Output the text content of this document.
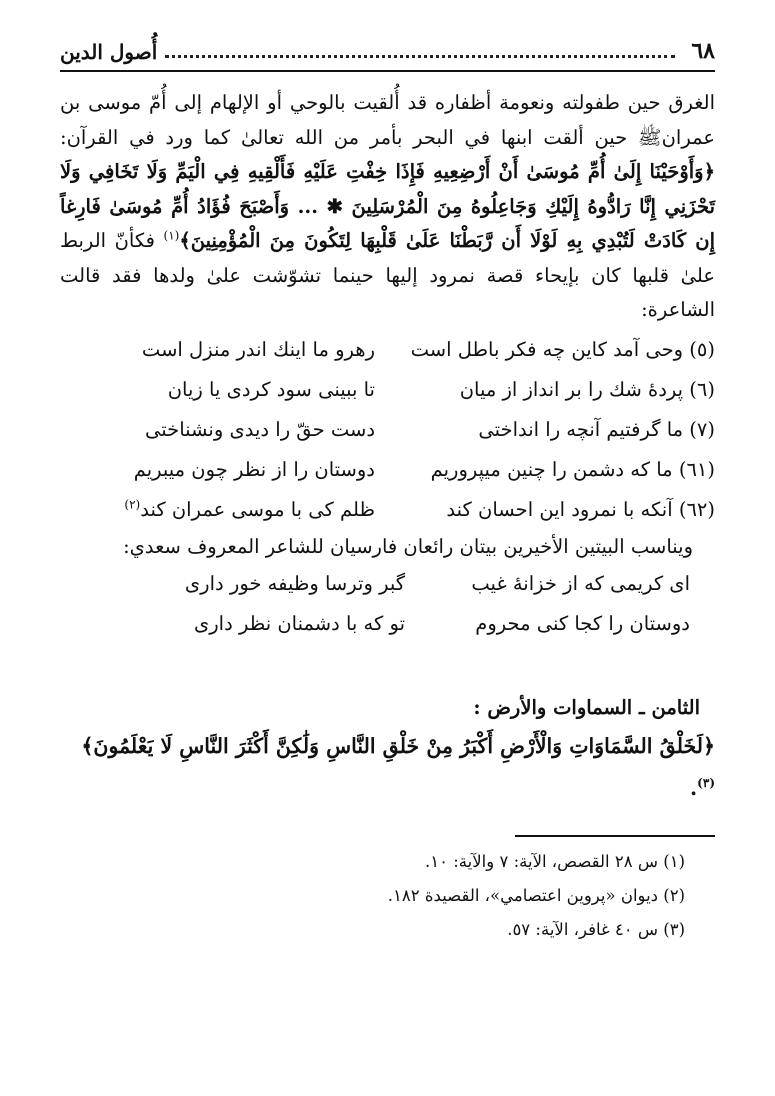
٦٨
أُصول الدين
الغرق حين طفولته ونعومة أظفاره قد أُلقيت بالوحي أو الإلهام إلى أُمّ موسى بن عمرانﷺ حين ألقت ابنها في البحر بأمر من الله تعالىٰ كما ورد في القرآن: ﴿وَأَوْحَيْنَا إِلَىٰ أُمِّ مُوسَىٰ أَنْ أَرْضِعِيهِ فَإِذَا خِفْتِ عَلَيْهِ فَأَلْقِيهِ فِي الْيَمِّ وَلَا تَخَافِي وَلَا تَحْزَنِي إِنَّا رَادُّوهُ إِلَيْكِ وَجَاعِلُوهُ مِنَ الْمُرْسَلِينَ ✱ ... وَأَصْبَحَ فُؤَادُ أُمِّ مُوسَىٰ فَارِغاً إِن كَادَتْ لَتُبْدِي بِهِ لَوْلَا أَن رَّبَطْنَا عَلَىٰ قَلْبِهَا لِتَكُونَ مِنَ الْمُؤْمِنِينَ﴾$^{(١)}$ فكأنّ الربط علىٰ قلبها كان بإيحاء قصة نمرود إليها حينما تشوّشت علىٰ ولدها فقد قالت الشاعرة:
(٥) وحی آمد کاین چه فکر باطل است
رهرو ما اینك اندر منزل است
(٦) پردهٔ شك را بر انداز از میان
تا ببینی سود کردی یا زیان
(٧) ما گرفتیم آنچه را انداختی
دست حقّ را دیدی ونشناختی
(٦١) ما که دشمن را چنین میپروریم
دوستان را از نظر چون میبریم
(٦٢) آنکه با نمرود این احسان کند
ظلم کی با موسی عمران کند$^{(٢)}$
ويناسب البيتين الأخيرين بيتان رائعان فارسيان للشاعر المعروف سعدي:
ای کریمی که از خزانهٔ غیب
گبر وترسا وظیفه خور داری
دوستان را کجا کنی محروم
تو که با دشمنان نظر داری
الثامن ـ السماوات والأرض :
﴿لَخَلْقُ السَّمَاوَاتِ وَالْأَرْضِ أَكْبَرُ مِنْ خَلْقِ النَّاسِ وَلَٰكِنَّ أَكْثَرَ النَّاسِ لَا يَعْلَمُونَ﴾$^{(٣)}$.
(١) س ٢٨ القصص، الآية: ٧ والآية: ١٠.
(٢) ديوان «پروين اعتصامي»، القصيدة ١٨٢.
(٣) س ٤٠ غافر، الآية: ٥٧.
